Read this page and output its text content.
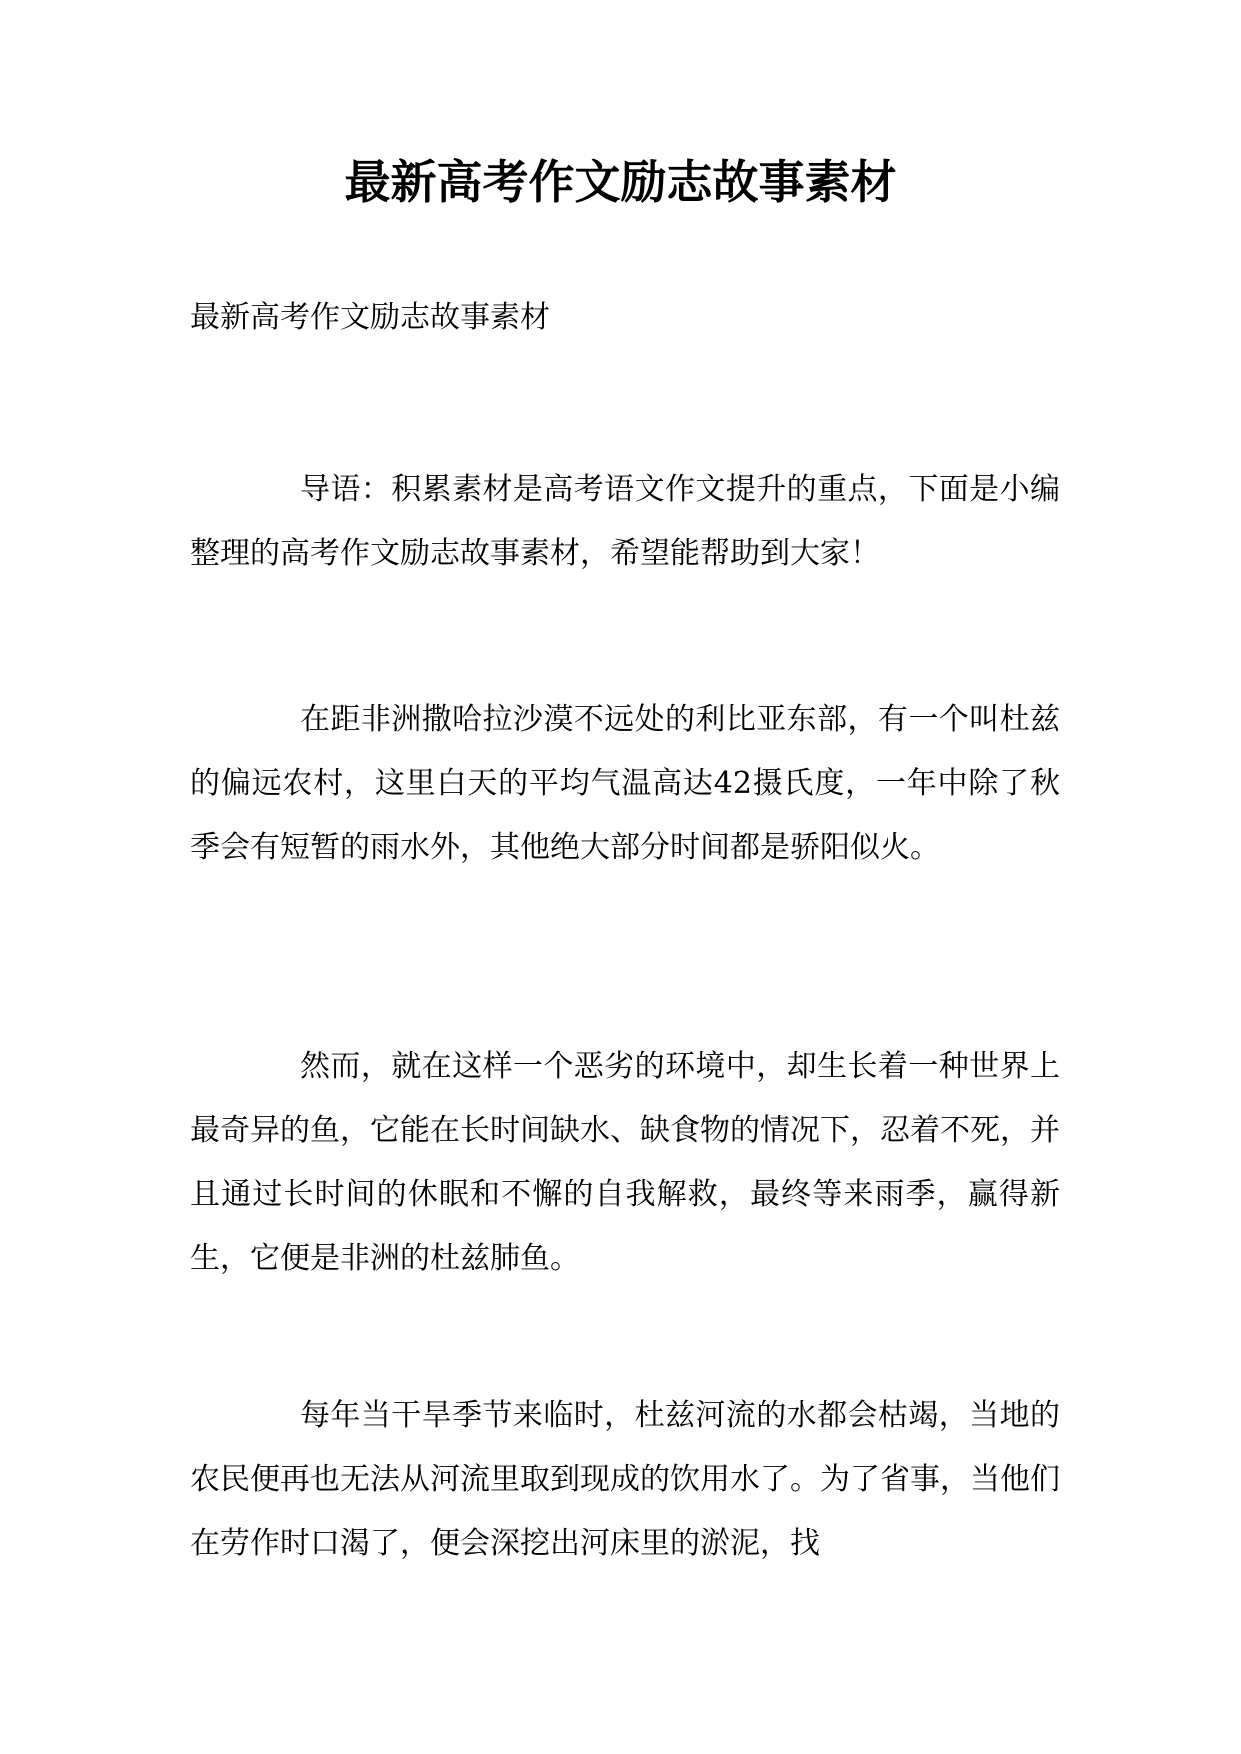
最新高考作文励志故事素材

最新高考作文励志故事素材

导语：积累素材是高考语文作文提升的重点，下面是小编整理的高考作文励志故事素材，希望能帮助到大家！

在距非洲撒哈拉沙漠不远处的利比亚东部，有一个叫杜兹的偏远农村，这里白天的平均气温高达42摄氏度，一年中除了秋季会有短暂的雨水外，其他绝大部分时间都是骄阳似火。

然而，就在这样一个恶劣的环境中，却生长着一种世界上最奇异的鱼，它能在长时间缺水、缺食物的情况下，忍着不死，并且通过长时间的休眠和不懈的自我解救，最终等来雨季，赢得新生，它便是非洲的杜兹肺鱼。

每年当干旱季节来临时，杜兹河流的水都会枯竭，当地的农民便再也无法从河流里取到现成的饮用水了。为了省事，当他们在劳作时口渴了，便会深挖出河床里的淤泥，找
